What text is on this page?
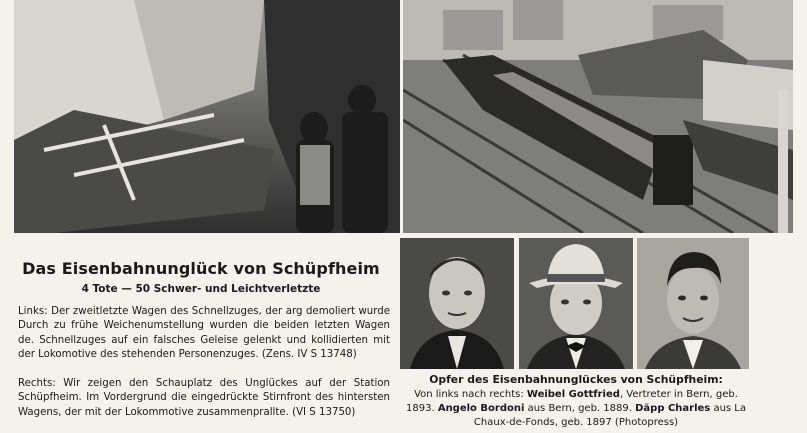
Das Eisenbahnunglück von Schüpfheim
4 Tote — 50 Schwer- und Leichtverletzte

Links: Der zweitletzte Wagen des Schnellzuges, der arg demoliert wurde Durch zu frühe Weichenumstellung wurden die beiden letzten Wagen de. Schnellzuges auf ein falsches Geleise gelenkt und kollidierten mit der Lokomotive des stehenden Personenzuges. (Zens. IV S 13748)

Rechts: Wir zeigen den Schauplatz des Unglückes auf der Station Schüpfheim. Im Vordergrund die eingedrückte Stirnfront des hintersten Wagens, der mit der Lokommotive zusammenprallte. (VI S 13750)

Opfer des Eisenbahnunglückes von Schüpfheim:

Von links nach rechts: Weibel Gottfried, Vertreter in Bern, geb. 1893. Angelo Bordoni aus Bern, geb. 1889. Däpp Charles aus La Chaux-de-Fonds, geb. 1897 (Photopress)
